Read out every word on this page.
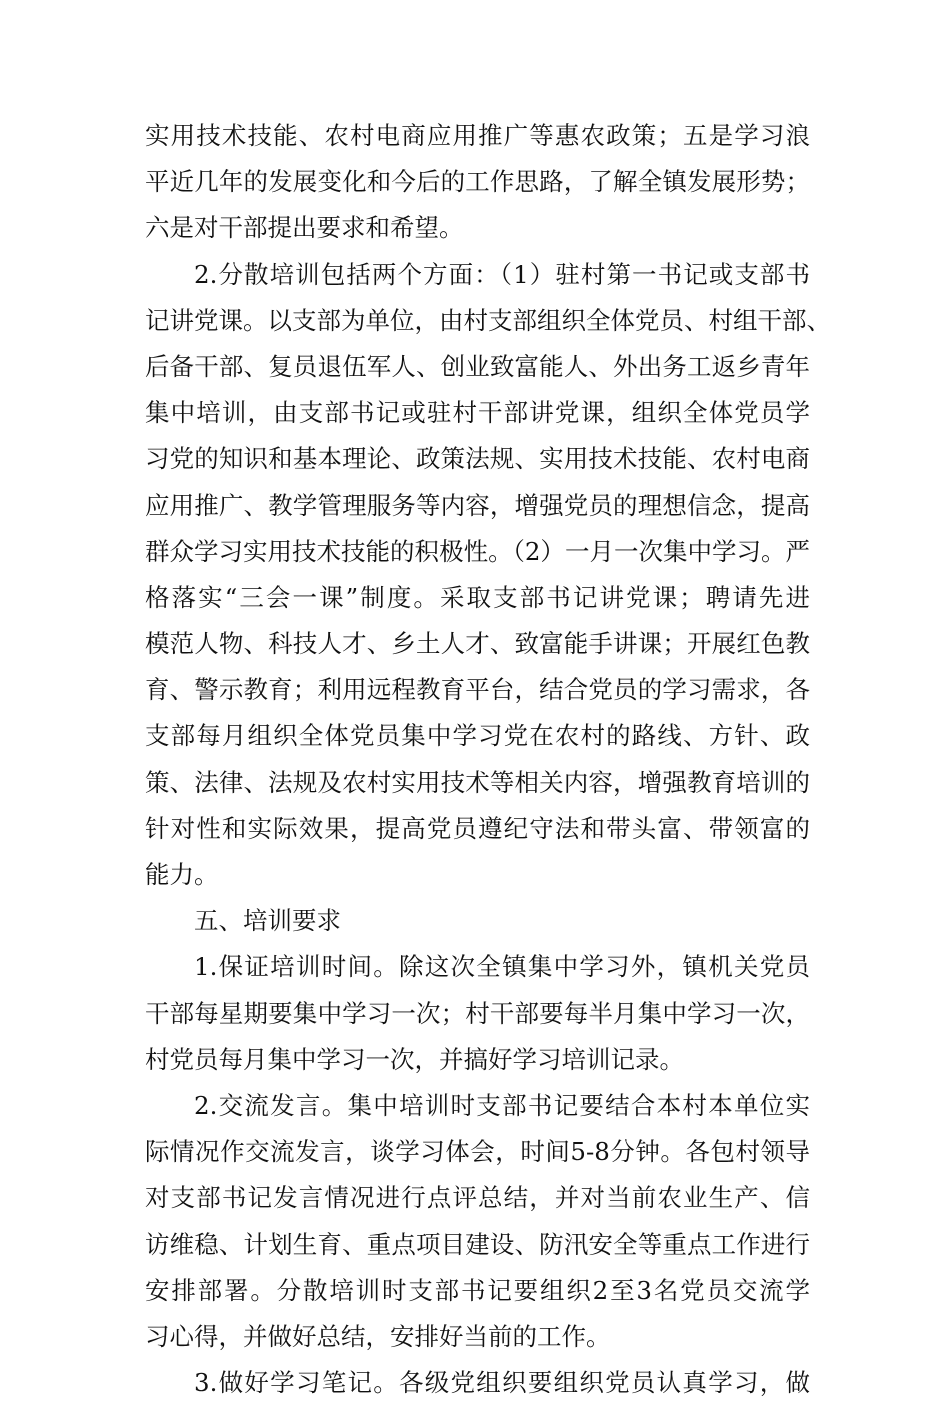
实用技术技能、农村电商应用推广等惠农政策；五是学习浪
平近几年的发展变化和今后的工作思路，了解全镇发展形势；
六是对干部提出要求和希望。
2.分散培训包括两个方面：（1）驻村第一书记或支部书
记讲党课。以支部为单位，由村支部组织全体党员、村组干部、
后备干部、复员退伍军人、创业致富能人、外出务工返乡青年
集中培训，由支部书记或驻村干部讲党课，组织全体党员学
习党的知识和基本理论、政策法规、实用技术技能、农村电商
应用推广、教学管理服务等内容，增强党员的理想信念，提高
群众学习实用技术技能的积极性。（2）一月一次集中学习。严
格落实“三会一课”制度。采取支部书记讲党课；聘请先进
模范人物、科技人才、乡土人才、致富能手讲课；开展红色教
育、警示教育；利用远程教育平台，结合党员的学习需求，各
支部每月组织全体党员集中学习党在农村的路线、方针、政
策、法律、法规及农村实用技术等相关内容，增强教育培训的
针对性和实际效果，提高党员遵纪守法和带头富、带领富的
能力。
五、培训要求
1.保证培训时间。除这次全镇集中学习外，镇机关党员
干部每星期要集中学习一次；村干部要每半月集中学习一次，
村党员每月集中学习一次，并搞好学习培训记录。
2.交流发言。集中培训时支部书记要结合本村本单位实
际情况作交流发言，谈学习体会，时间5-8分钟。各包村领导
对支部书记发言情况进行点评总结，并对当前农业生产、信
访维稳、计划生育、重点项目建设、防汛安全等重点工作进行
安排部署。分散培训时支部书记要组织2至3名党员交流学
习心得，并做好总结，安排好当前的工作。
3.做好学习笔记。各级党组织要组织党员认真学习，做
